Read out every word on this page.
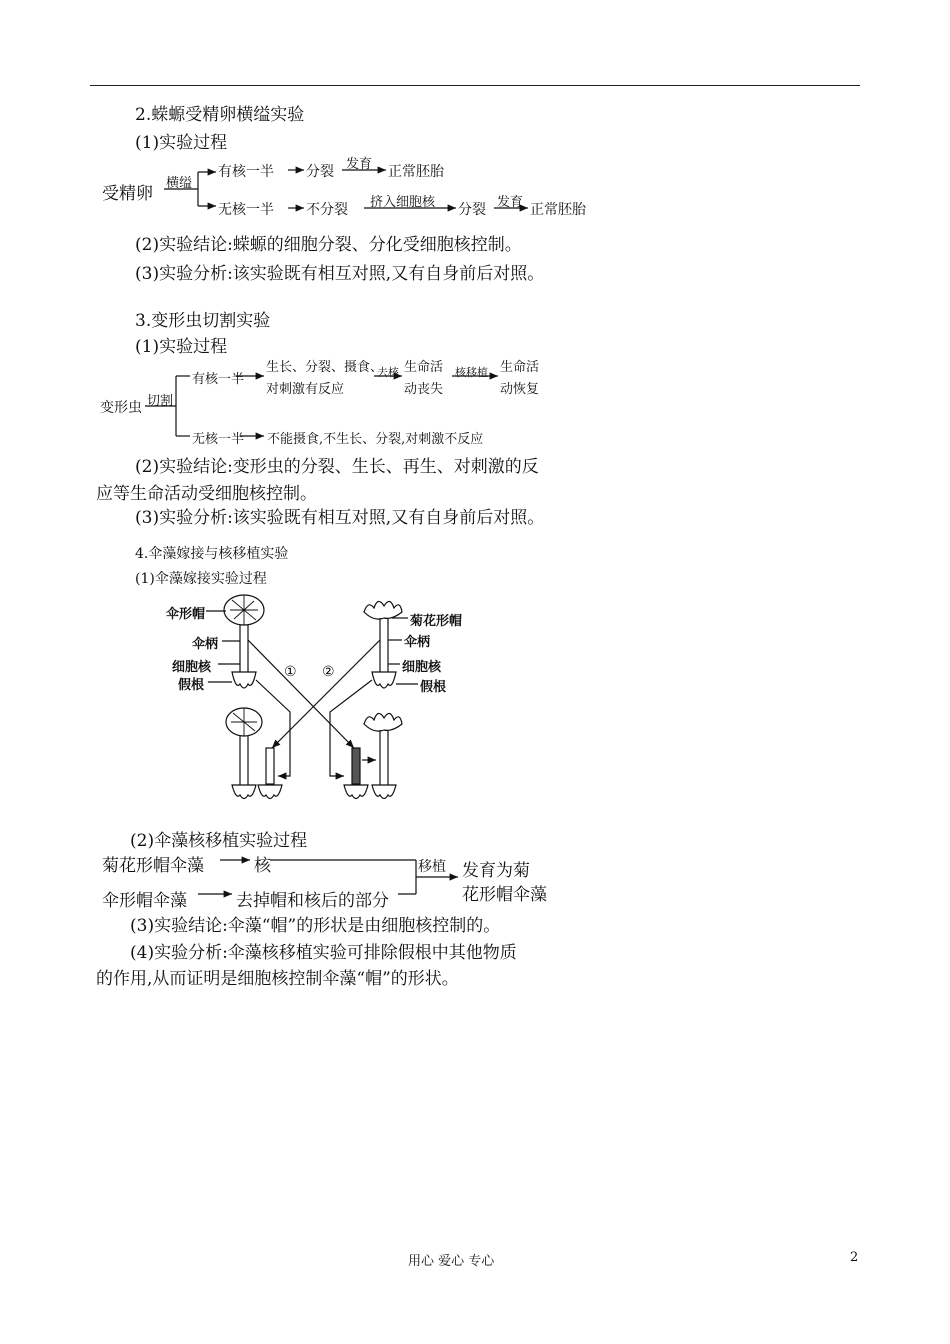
2.蝾螈受精卵横缢实验
(1)实验过程
受精卵
横缢
有核一半 分裂 发育 正常胚胎
无核一半 不分裂 挤入细胞核 分裂 发育 正常胚胎
(2)实验结论:蝾螈的细胞分裂、分化受细胞核控制。
(3)实验分析:该实验既有相互对照,又有自身前后对照。
3.变形虫切割实验
(1)实验过程
变形虫 切割
有核一半
生长、分裂、摄食、
对刺激有反应
去核 生命活
动丧失
核移植 生命活
动恢复
无核一半 不能摄食,不生长、分裂,对刺激不反应
(2)实验结论:变形虫的分裂、生长、再生、对刺激的反
应等生命活动受细胞核控制。
(3)实验分析:该实验既有相互对照,又有自身前后对照。
4.伞藻嫁接与核移植实验
(1)伞藻嫁接实验过程
伞形帽
伞柄
细胞核
假根
菊花形帽
伞柄
细胞核
假根
① ②
(2)伞藻核移植实验过程
菊花形帽伞藻	核
伞形帽伞藻	去掉帽和核后的部分
移植 发育为菊
花形帽伞藻
(3)实验结论:伞藻“帽”的形状是由细胞核控制的。
(4)实验分析:伞藻核移植实验可排除假根中其他物质
的作用,从而证明是细胞核控制伞藻“帽”的形状。
用心 爱心 专心	2
